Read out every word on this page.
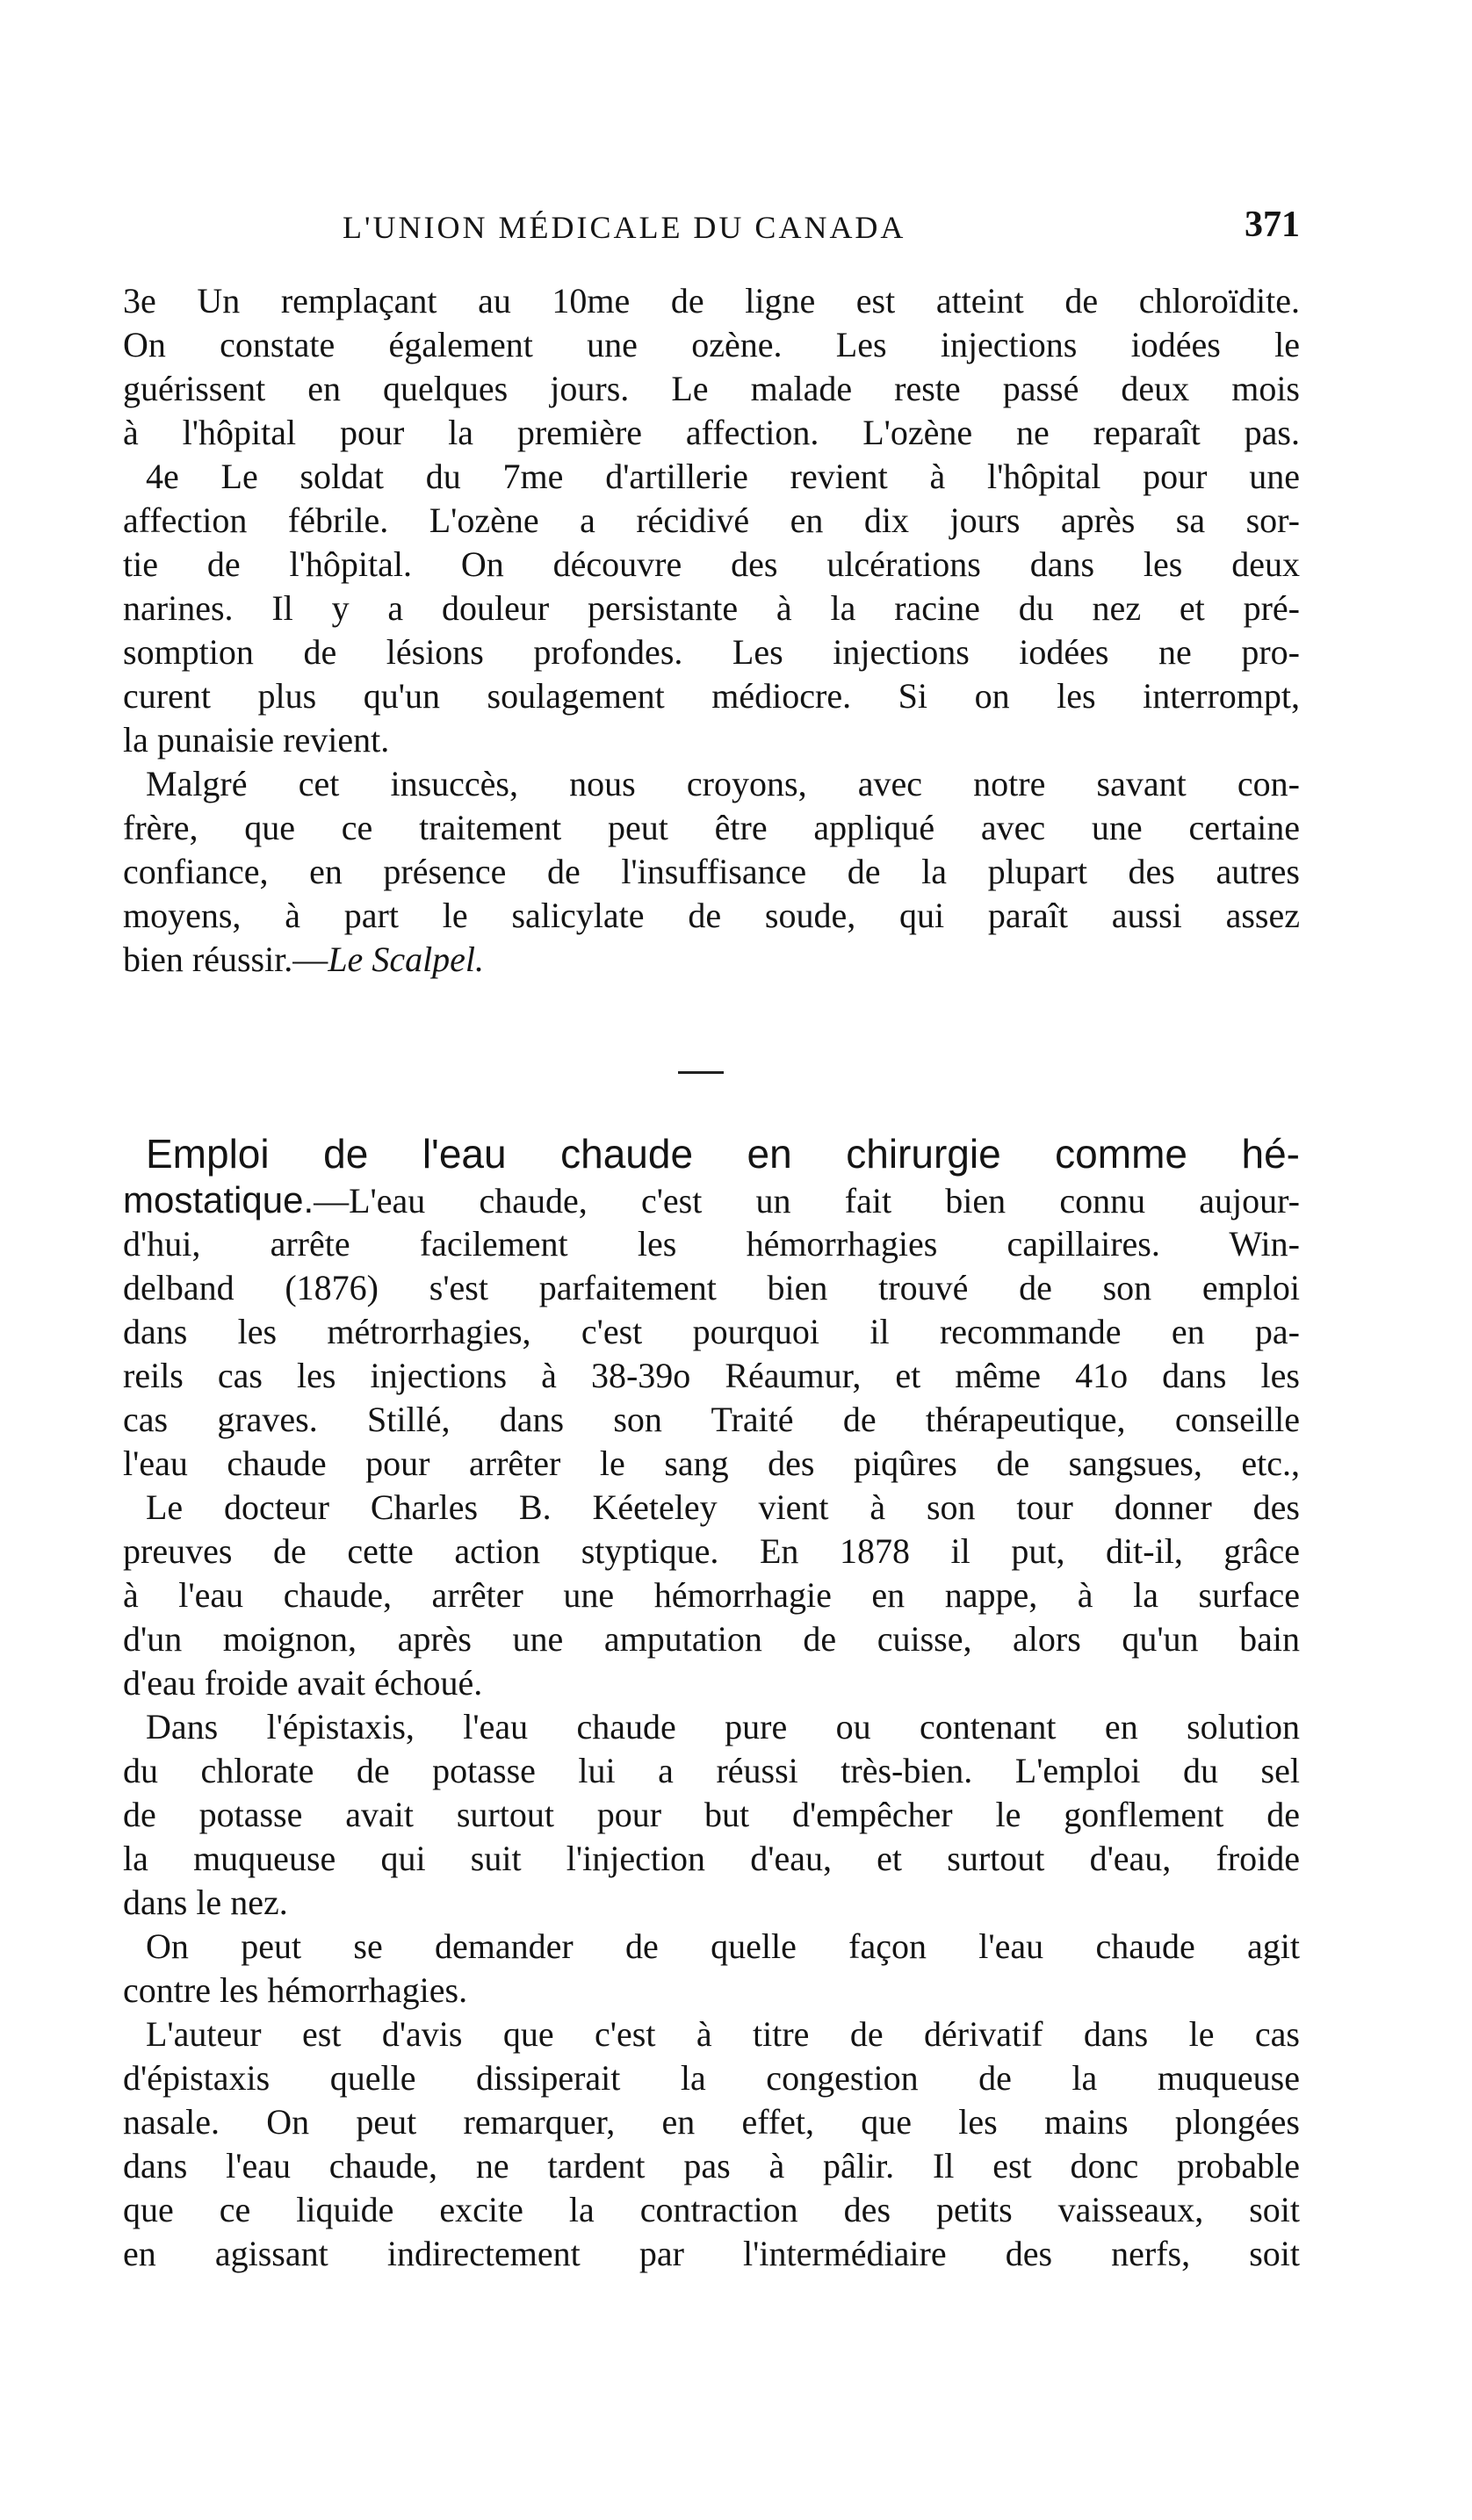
L'UNION MÉDICALE DU CANADA	371
3e Un remplaçant au 10me de ligne est atteint de chloroïdite.
On constate également une ozène. Les injections iodées le
guérissent en quelques jours. Le malade reste passé deux mois
à l'hôpital pour la première affection. L'ozène ne reparaît pas.
4e Le soldat du 7me d'artillerie revient à l'hôpital pour une
affection fébrile. L'ozène a récidivé en dix jours après sa sor-
tie de l'hôpital. On découvre des ulcérations dans les deux
narines. Il y a douleur persistante à la racine du nez et pré-
somption de lésions profondes. Les injections iodées ne pro-
curent plus qu'un soulagement médiocre. Si on les interrompt,
la punaisie revient.
Malgré cet insuccès, nous croyons, avec notre savant con-
frère, que ce traitement peut être appliqué avec une certaine
confiance, en présence de l'insuffisance de la plupart des autres
moyens, à part le salicylate de soude, qui paraît aussi assez
bien réussir.—Le Scalpel.
Emploi de l'eau chaude en chirurgie comme hé-
mostatique.—L'eau chaude, c'est un fait bien connu aujour-
d'hui, arrête facilement les hémorrhagies capillaires. Win-
delband (1876) s'est parfaitement bien trouvé de son emploi
dans les métrorrhagies, c'est pourquoi il recommande en pa-
reils cas les injections à 38-39o Réaumur, et même 41o dans les
cas graves. Stillé, dans son Traité de thérapeutique, conseille
l'eau chaude pour arrêter le sang des piqûres de sangsues, etc.,
Le docteur Charles B. Kéeteley vient à son tour donner des
preuves de cette action styptique. En 1878 il put, dit-il, grâce
à l'eau chaude, arrêter une hémorrhagie en nappe, à la surface
d'un moignon, après une amputation de cuisse, alors qu'un bain
d'eau froide avait échoué.
Dans l'épistaxis, l'eau chaude pure ou contenant en solution
du chlorate de potasse lui a réussi très-bien. L'emploi du sel
de potasse avait surtout pour but d'empêcher le gonflement de
la muqueuse qui suit l'injection d'eau, et surtout d'eau, froide
dans le nez.
On peut se demander de quelle façon l'eau chaude agit
contre les hémorrhagies.
L'auteur est d'avis que c'est à titre de dérivatif dans le cas
d'épistaxis quelle dissiperait la congestion de la muqueuse
nasale. On peut remarquer, en effet, que les mains plongées
dans l'eau chaude, ne tardent pas à pâlir. Il est donc probable
que ce liquide excite la contraction des petits vaisseaux, soit
en agissant indirectement par l'intermédiaire des nerfs, soit
